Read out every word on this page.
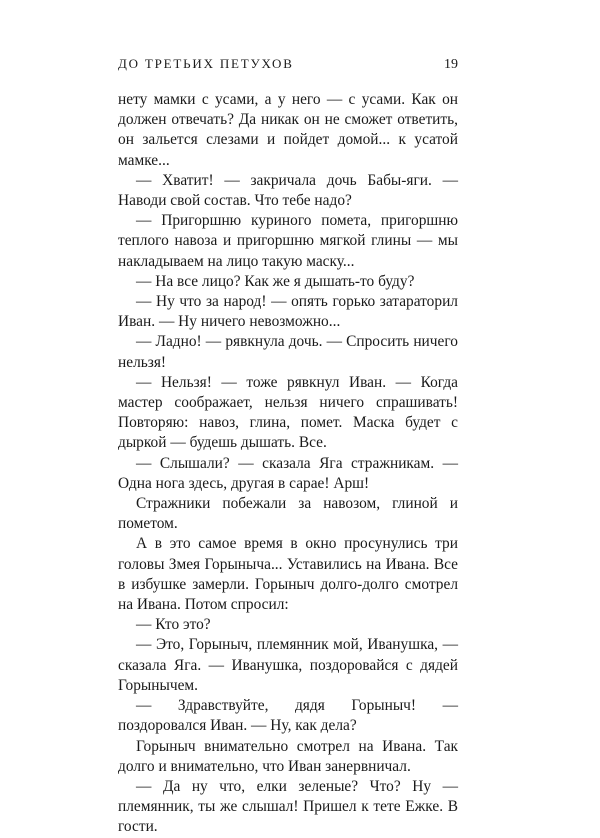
ДО ТРЕТЬИХ ПЕТУХОВ	19

нету мамки с усами, а у него — с усами. Как он должен отвечать? Да никак он не сможет ответить, он зальется слезами и пойдет домой... к усатой мамке...

— Хватит! — закричала дочь Бабы-яги. — Наводи свой состав. Что тебе надо?

— Пригоршню куриного помета, пригоршню теплого навоза и пригоршню мягкой глины — мы накладываем на лицо такую маску...

— На все лицо? Как же я дышать-то буду?

— Ну что за народ! — опять горько затараторил Иван. — Ну ничего невозможно...

— Ладно! — рявкнула дочь. — Спросить ничего нельзя!

— Нельзя! — тоже рявкнул Иван. — Когда мастер соображает, нельзя ничего спрашивать! Повторяю: навоз, глина, помет. Маска будет с дыркой — будешь дышать. Все.

— Слышали? — сказала Яга стражникам. — Одна нога здесь, другая в сарае! Арш!

Стражники побежали за навозом, глиной и пометом.

А в это самое время в окно просунулись три головы Змея Горыныча... Уставились на Ивана. Все в избушке замерли. Горыныч долго-долго смотрел на Ивана. Потом спросил:

— Кто это?

— Это, Горыныч, племянник мой, Иванушка, — сказала Яга. — Иванушка, поздоровайся с дядей Горынычем.

— Здравствуйте, дядя Горыныч! — поздоровался Иван. — Ну, как дела?

Горыныч внимательно смотрел на Ивана. Так долго и внимательно, что Иван занервничал.

— Да ну что, елки зеленые? Что? Ну — племянник, ты же слышал! Пришел к тете Ежке. В гости.
